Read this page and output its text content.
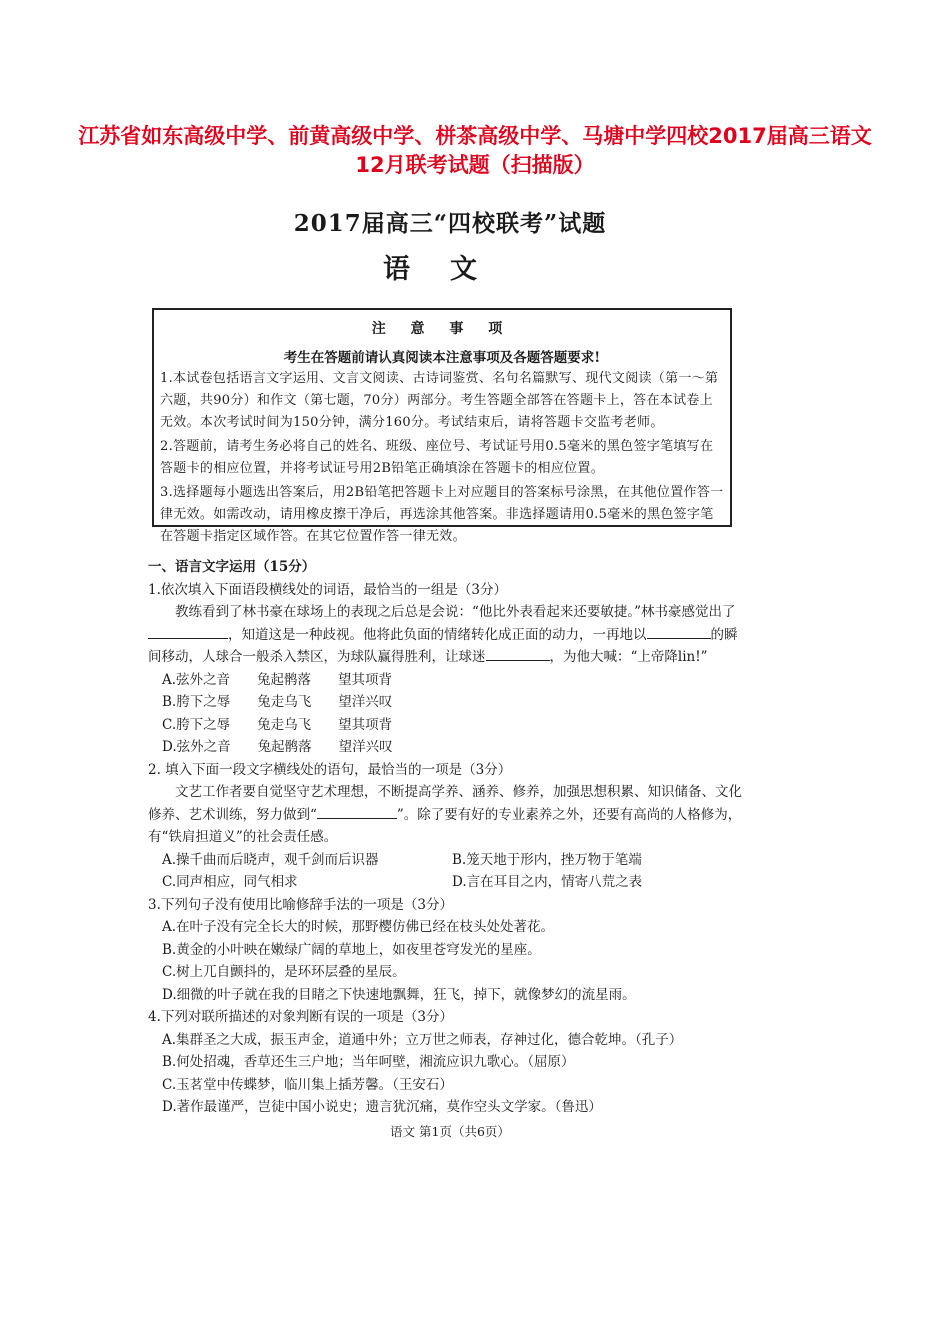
江苏省如东高级中学、前黄高级中学、栟茶高级中学、马塘中学四校2017届高三语文12月联考试题（扫描版）
2017届高三“四校联考”试题
语文
注 意 事 项
考生在答题前请认真阅读本注意事项及各题答题要求!
1.本试卷包括语言文字运用、文言文阅读、古诗词鉴赏、名句名篇默写、现代文阅读（第一～第六题，共90分）和作文（第七题，70分）两部分。考生答题全部答在答题卡上，答在本试卷上无效。本次考试时间为150分钟，满分160分。考试结束后，请将答题卡交监考老师。
2.答题前，请考生务必将自己的姓名、班级、座位号、考试证号用0.5毫米的黑色签字笔填写在答题卡的相应位置，并将考试证号用2B铅笔正确填涂在答题卡的相应位置。
3.选择题每小题选出答案后，用2B铅笔把答题卡上对应题目的答案标号涂黑，在其他位置作答一律无效。如需改动，请用橡皮擦干净后，再选涂其他答案。非选择题请用0.5毫米的黑色签字笔在答题卡指定区域作答。在其它位置作答一律无效。
一、语言文字运用（15分）
1.依次填入下面语段横线处的词语，最恰当的一组是（3分）

教练看到了林书豪在球场上的表现之后总是会说：“他比外表看起来还要敏捷。”林书豪感觉出了，知道这是一种歧视。他将此负面的情绪转化成正面的动力，一再地以	的瞬间移动，人球合一般杀入禁区，为球队赢得胜利，让球迷	，为他大喊：“上帝降lin!”

A.弦外之音　　兔起鹘落　　望其项背
B.胯下之辱　　兔走乌飞　　望洋兴叹
C.胯下之辱　　兔走乌飞　　望其项背
D.弦外之音　　兔起鹘落　　望洋兴叹
2. 填入下面一段文字横线处的语句，最恰当的一项是（3分）

文艺工作者要自觉坚守艺术理想，不断提高学养、涵养、修养，加强思想积累、知识储备、文化修养、艺术训练，努力做到“	”。除了要有好的专业素养之外，还要有高尚的人格修为，有“铁肩担道义”的社会责任感。

A.操千曲而后晓声，观千剑而后识器	B.笼天地于形内，挫万物于笔端
C.同声相应，同气相求	D.言在耳目之内，情寄八荒之表
3.下列句子没有使用比喻修辞手法的一项是（3分）
A.在叶子没有完全长大的时候，那野樱仿佛已经在枝头处处著花。
B.黄金的小叶映在嫩绿广阔的草地上，如夜里苍穹发光的星座。
C.树上兀自颤抖的，是环环层叠的星辰。
D.细微的叶子就在我的目睹之下快速地飘舞，狂飞，掉下，就像梦幻的流星雨。
4.下列对联所描述的对象判断有误的一项是（3分）
A.集群圣之大成，振玉声金，道通中外；立万世之师表，存神过化，德合乾坤。（孔子）
B.何处招魂，香草还生三户地；当年呵壁，湘流应识九歌心。（屈原）
C.玉茗堂中传蝶梦，临川集上插芳馨。（王安石）
D.著作最谨严，岂徒中国小说史；遗言犹沉痛，莫作空头文学家。（鲁迅）
语文 第1页（共6页）
